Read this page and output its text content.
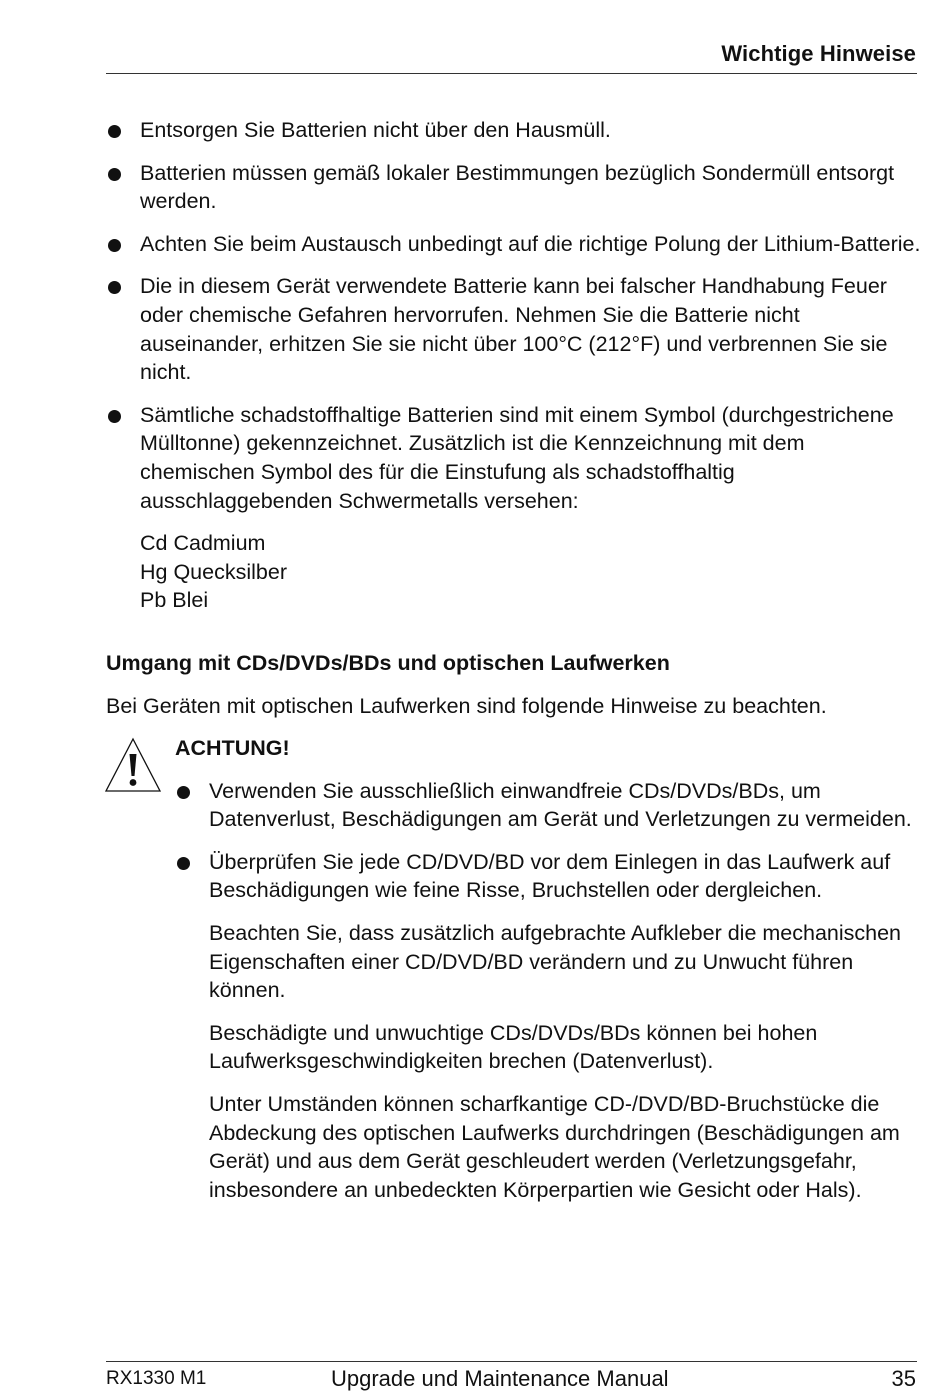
Wichtige Hinweise
Entsorgen Sie Batterien nicht über den Hausmüll.
Batterien müssen gemäß lokaler Bestimmungen bezüglich Sondermüll entsorgt werden.
Achten Sie beim Austausch unbedingt auf die richtige Polung der Lithium-Batterie.
Die in diesem Gerät verwendete Batterie kann bei falscher Handhabung Feuer oder chemische Gefahren hervorrufen. Nehmen Sie die Batterie nicht auseinander, erhitzen Sie sie nicht über 100°C (212°F) und verbrennen Sie sie nicht.
Sämtliche schadstoffhaltige Batterien sind mit einem Symbol (durchgestrichene Mülltonne) gekennzeichnet. Zusätzlich ist die Kennzeichnung mit dem chemischen Symbol des für die Einstufung als schadstoffhaltig ausschlaggebenden Schwermetalls versehen:
Cd Cadmium
Hg Quecksilber
Pb Blei
Umgang mit CDs/DVDs/BDs und optischen Laufwerken
Bei Geräten mit optischen Laufwerken sind folgende Hinweise zu beachten.
ACHTUNG!
Verwenden Sie ausschließlich einwandfreie CDs/DVDs/BDs, um Datenverlust, Beschädigungen am Gerät und Verletzungen zu vermeiden.
Überprüfen Sie jede CD/DVD/BD vor dem Einlegen in das Laufwerk auf Beschädigungen wie feine Risse, Bruchstellen oder dergleichen.

Beachten Sie, dass zusätzlich aufgebrachte Aufkleber die mechanischen Eigenschaften einer CD/DVD/BD verändern und zu Unwucht führen können.

Beschädigte und unwuchtige CDs/DVDs/BDs können bei hohen Laufwerksgeschwindigkeiten brechen (Datenverlust).

Unter Umständen können scharfkantige CD-/DVD/BD-Bruchstücke die Abdeckung des optischen Laufwerks durchdringen (Beschädigungen am Gerät) und aus dem Gerät geschleudert werden (Verletzungsgefahr, insbesondere an unbedeckten Körperpartien wie Gesicht oder Hals).

RX1330 M1	Upgrade und Maintenance Manual	35
